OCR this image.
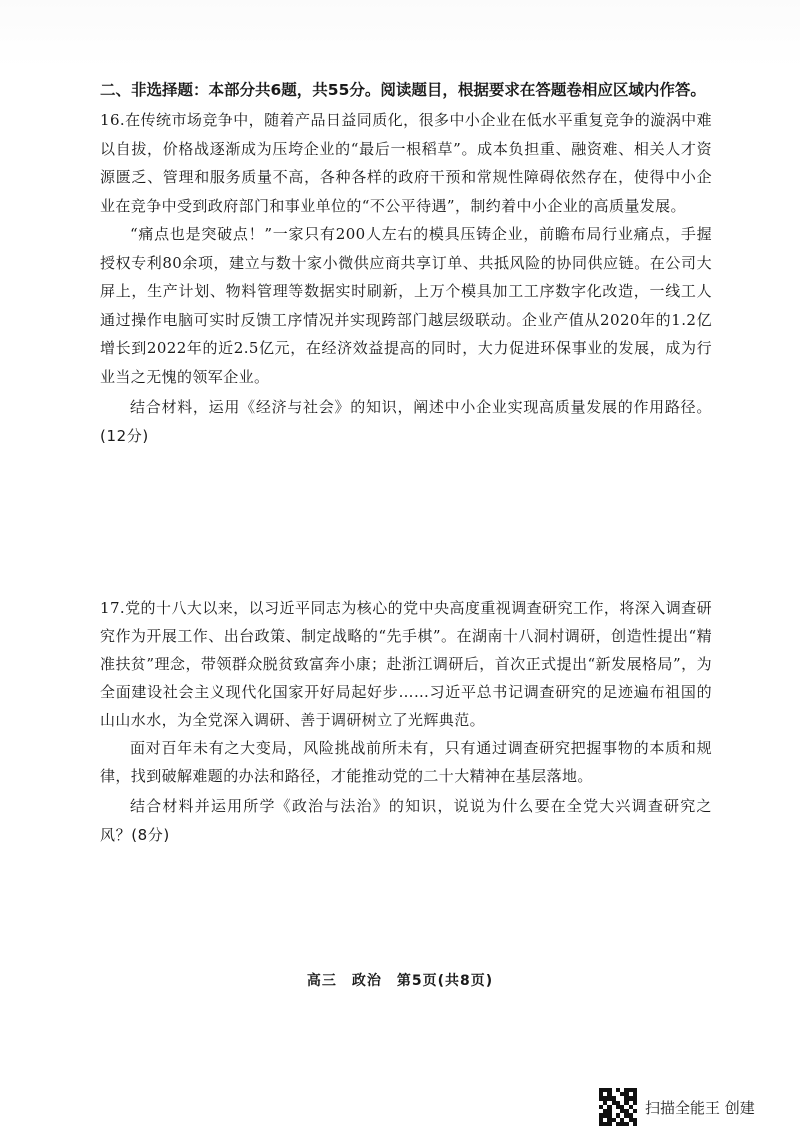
二、非选择题：本部分共6题，共55分。阅读题目，根据要求在答题卷相应区域内作答。

16.在传统市场竞争中，随着产品日益同质化，很多中小企业在低水平重复竞争的漩涡中难以自拔，价格战逐渐成为压垮企业的“最后一根稻草”。成本负担重、融资难、相关人才资源匮乏、管理和服务质量不高，各种各样的政府干预和常规性障碍依然存在，使得中小企业在竞争中受到政府部门和事业单位的“不公平待遇”，制约着中小企业的高质量发展。

“痛点也是突破点！”一家只有200人左右的模具压铸企业，前瞻布局行业痛点，手握授权专利80余项，建立与数十家小微供应商共享订单、共抵风险的协同供应链。在公司大屏上，生产计划、物料管理等数据实时刷新，上万个模具加工工序数字化改造，一线工人通过操作电脑可实时反馈工序情况并实现跨部门越层级联动。企业产值从2020年的1.2亿增长到2022年的近2.5亿元，在经济效益提高的同时，大力促进环保事业的发展，成为行业当之无愧的领军企业。

结合材料，运用《经济与社会》的知识，阐述中小企业实现高质量发展的作用路径。(12分)

17.党的十八大以来，以习近平同志为核心的党中央高度重视调查研究工作，将深入调查研究作为开展工作、出台政策、制定战略的“先手棋”。在湖南十八洞村调研，创造性提出“精准扶贫”理念，带领群众脱贫致富奔小康；赴浙江调研后，首次正式提出“新发展格局”，为全面建设社会主义现代化国家开好局起好步……习近平总书记调查研究的足迹遍布祖国的山山水水，为全党深入调研、善于调研树立了光辉典范。

面对百年未有之大变局，风险挑战前所未有，只有通过调查研究把握事物的本质和规律，找到破解难题的办法和路径，才能推动党的二十大精神在基层落地。

结合材料并运用所学《政治与法治》的知识，说说为什么要在全党大兴调查研究之风？(8分)

高三　政治　第5页(共8页)
扫描全能王 创建
